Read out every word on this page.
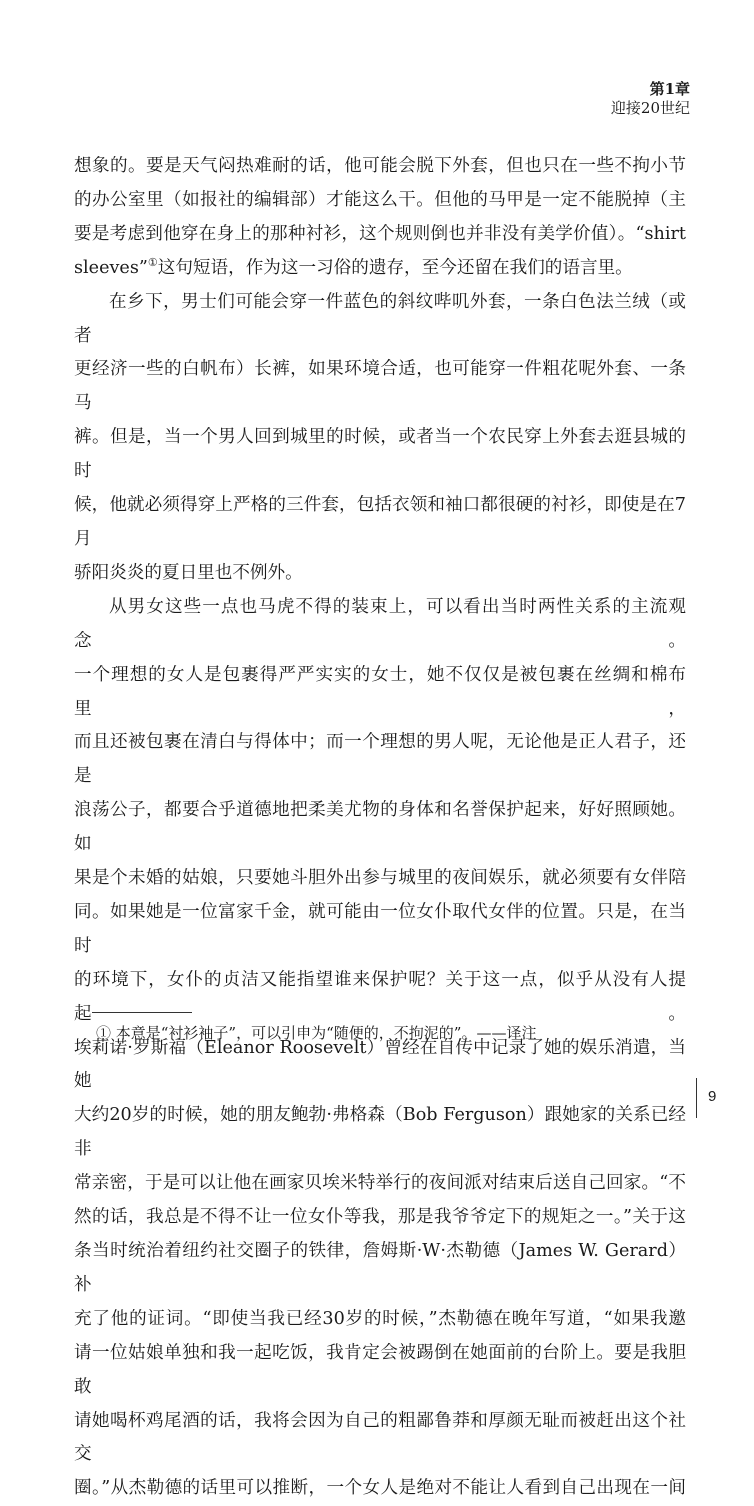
第1章
迎接20世纪

想象的。要是天气闷热难耐的话，他可能会脱下外套，但也只在一些不拘小节

的办公室里（如报社的编辑部）才能这么干。但他的马甲是一定不能脱掉（主

要是考虑到他穿在身上的那种衬衫，这个规则倒也并非没有美学价值）。“shirt

sleeves”①这句短语，作为这一习俗的遗存，至今还留在我们的语言里。

在乡下，男士们可能会穿一件蓝色的斜纹哔叽外套，一条白色法兰绒（或者

更经济一些的白帆布）长裤，如果环境合适，也可能穿一件粗花呢外套、一条马

裤。但是，当一个男人回到城里的时候，或者当一个农民穿上外套去逛县城的时

候，他就必须得穿上严格的三件套，包括衣领和袖口都很硬的衬衫，即使是在7月

骄阳炎炎的夏日里也不例外。

从男女这些一点也马虎不得的装束上，可以看出当时两性关系的主流观念。

一个理想的女人是包裹得严严实实的女士，她不仅仅是被包裹在丝绸和棉布里，

而且还被包裹在清白与得体中；而一个理想的男人呢，无论他是正人君子，还是

浪荡公子，都要合乎道德地把柔美尤物的身体和名誉保护起来，好好照顾她。如

果是个未婚的姑娘，只要她斗胆外出参与城里的夜间娱乐，就必须要有女伴陪

同。如果她是一位富家千金，就可能由一位女仆取代女伴的位置。只是，在当时

的环境下，女仆的贞洁又能指望谁来保护呢？关于这一点，似乎从没有人提起。

埃莉诺·罗斯福（Eleanor Roosevelt）曾经在自传中记录了她的娱乐消遣，当她

大约20岁的时候，她的朋友鲍勃·弗格森（Bob Ferguson）跟她家的关系已经非

常亲密，于是可以让他在画家贝埃米特举行的夜间派对结束后送自己回家。“不

然的话，我总是不得不让一位女仆等我，那是我爷爷定下的规矩之一。”关于这

条当时统治着纽约社交圈子的铁律，詹姆斯·W·杰勒德（James W. Gerard）补

充了他的证词。“即使当我已经30岁的时候，”杰勒德在晚年写道，“如果我邀

请一位姑娘单独和我一起吃饭，我肯定会被踢倒在她面前的台阶上。要是我胆敢

请她喝杯鸡尾酒的话，我将会因为自己的粗鄙鲁莽和厚颜无耻而被赶出这个社交

圈。”从杰勒德的话里可以推断，一个女人是绝对不能让人看到自己出现在一间

① 本意是“衬衫袖子”，可以引申为“随便的，不拘泥的”。——译注
9
